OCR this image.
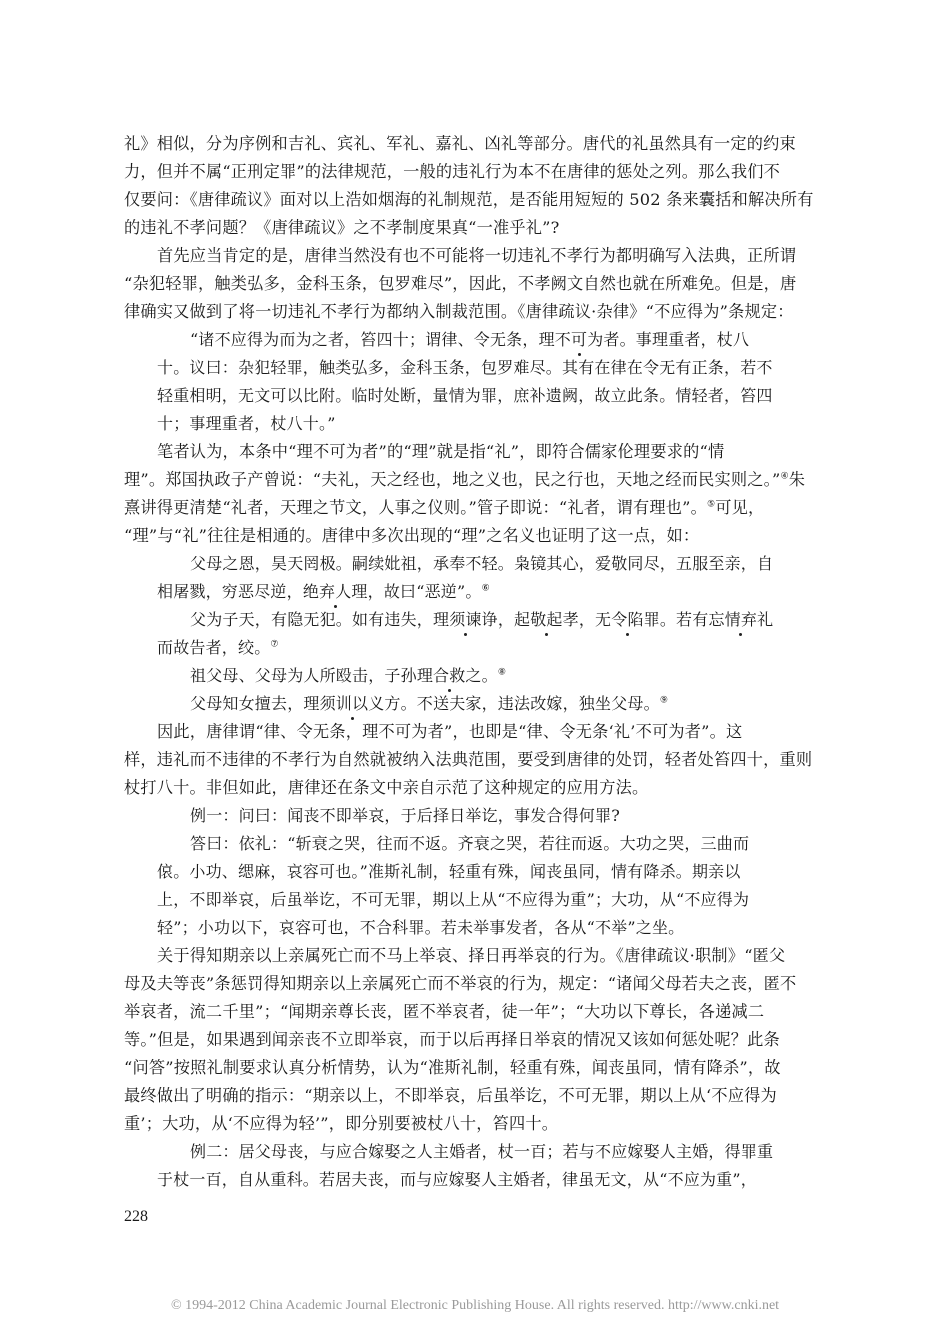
礼》相似，分为序例和吉礼、宾礼、军礼、嘉礼、凶礼等部分。唐代的礼虽然具有一定的约束
力，但并不属“正刑定罪”的法律规范，一般的违礼行为本不在唐律的惩处之列。那么我们不
仅要问：《唐律疏议》面对以上浩如烟海的礼制规范，是否能用短短的 502 条来囊括和解决所有
的违礼不孝问题？《唐律疏议》之不孝制度果真“一准乎礼”?
首先应当肯定的是，唐律当然没有也不可能将一切违礼不孝行为都明确写入法典，正所谓
“杂犯轻罪，触类弘多，金科玉条，包罗难尽”，因此，不孝阙文自然也就在所难免。但是，唐
律确实又做到了将一切违礼不孝行为都纳入制裁范围。《唐律疏议·杂律》“不应得为”条规定：
“诸不应得为而为之者，笞四十；谓律、令无条，理不可为者。事理重者，杖八
十。议曰：杂犯轻罪，触类弘多，金科玉条，包罗难尽。其有在律在令无有正条，若不
轻重相明，无文可以比附。临时处断，量情为罪，庶补遗阙，故立此条。情轻者，笞四
十；事理重者，杖八十。”
笔者认为，本条中“理不可为者”的“理”就是指“礼”，即符合儒家伦理要求的“情
理”。郑国执政子产曾说：“夫礼，天之经也，地之义也，民之行也，天地之经而民实则之。”④朱
熹讲得更清楚“礼者，天理之节文，人事之仪则。”管子即说：“礼者，谓有理也”。⑤可见，
“理”与“礼”往往是相通的。唐律中多次出现的“理”之名义也证明了这一点，如：
父母之恩，昊天罔极。嗣续妣祖，承奉不轻。枭镜其心，爱敬同尽，五服至亲，自
相屠戮，穷恶尽逆，绝弃人理，故曰“恶逆”。⑥
父为子天，有隐无犯。如有违失，理须谏诤，起敬起孝，无令陷罪。若有忘情弃礼
而故告者，绞。⑦
祖父母、父母为人所殴击，子孙理合救之。⑧
父母知女擅去，理须训以义方。不送夫家，违法改嫁，独坐父母。⑨
因此，唐律谓“律、令无条，理不可为者”，也即是“律、令无条‘礼’不可为者”。这
样，违礼而不违律的不孝行为自然就被纳入法典范围，要受到唐律的处罚，轻者处笞四十，重则
杖打八十。非但如此，唐律还在条文中亲自示范了这种规定的应用方法。
例一：问曰：闻丧不即举哀，于后择日举讫，事发合得何罪?
答曰：依礼：“斩衰之哭，往而不返。齐衰之哭，若往而返。大功之哭，三曲而
偯。小功、缌麻，哀容可也。”准斯礼制，轻重有殊，闻丧虽同，情有降杀。期亲以
上，不即举哀，后虽举讫，不可无罪，期以上从“不应得为重”；大功，从“不应得为
轻”；小功以下，哀容可也，不合科罪。若未举事发者，各从“不举”之坐。
关于得知期亲以上亲属死亡而不马上举哀、择日再举哀的行为。《唐律疏议·职制》“匿父
母及夫等丧”条惩罚得知期亲以上亲属死亡而不举哀的行为，规定：“诸闻父母若夫之丧，匿不
举哀者，流二千里”；“闻期亲尊长丧，匿不举哀者，徒一年”；“大功以下尊长，各递减二
等。”但是，如果遇到闻亲丧不立即举哀，而于以后再择日举哀的情况又该如何惩处呢？此条
“问答”按照礼制要求认真分析情势，认为“准斯礼制，轻重有殊，闻丧虽同，情有降杀”，故
最终做出了明确的指示：“期亲以上，不即举哀，后虽举讫，不可无罪，期以上从‘不应得为
重’；大功，从‘不应得为轻’”，即分别要被杖八十，笞四十。
例二：居父母丧，与应合嫁娶之人主婚者，杖一百；若与不应嫁娶人主婚，得罪重
于杖一百，自从重科。若居夫丧，而与应嫁娶人主婚者，律虽无文，从“不应为重”，
228
© 1994-2012 China Academic Journal Electronic Publishing House. All rights reserved. http://www.cnki.net
